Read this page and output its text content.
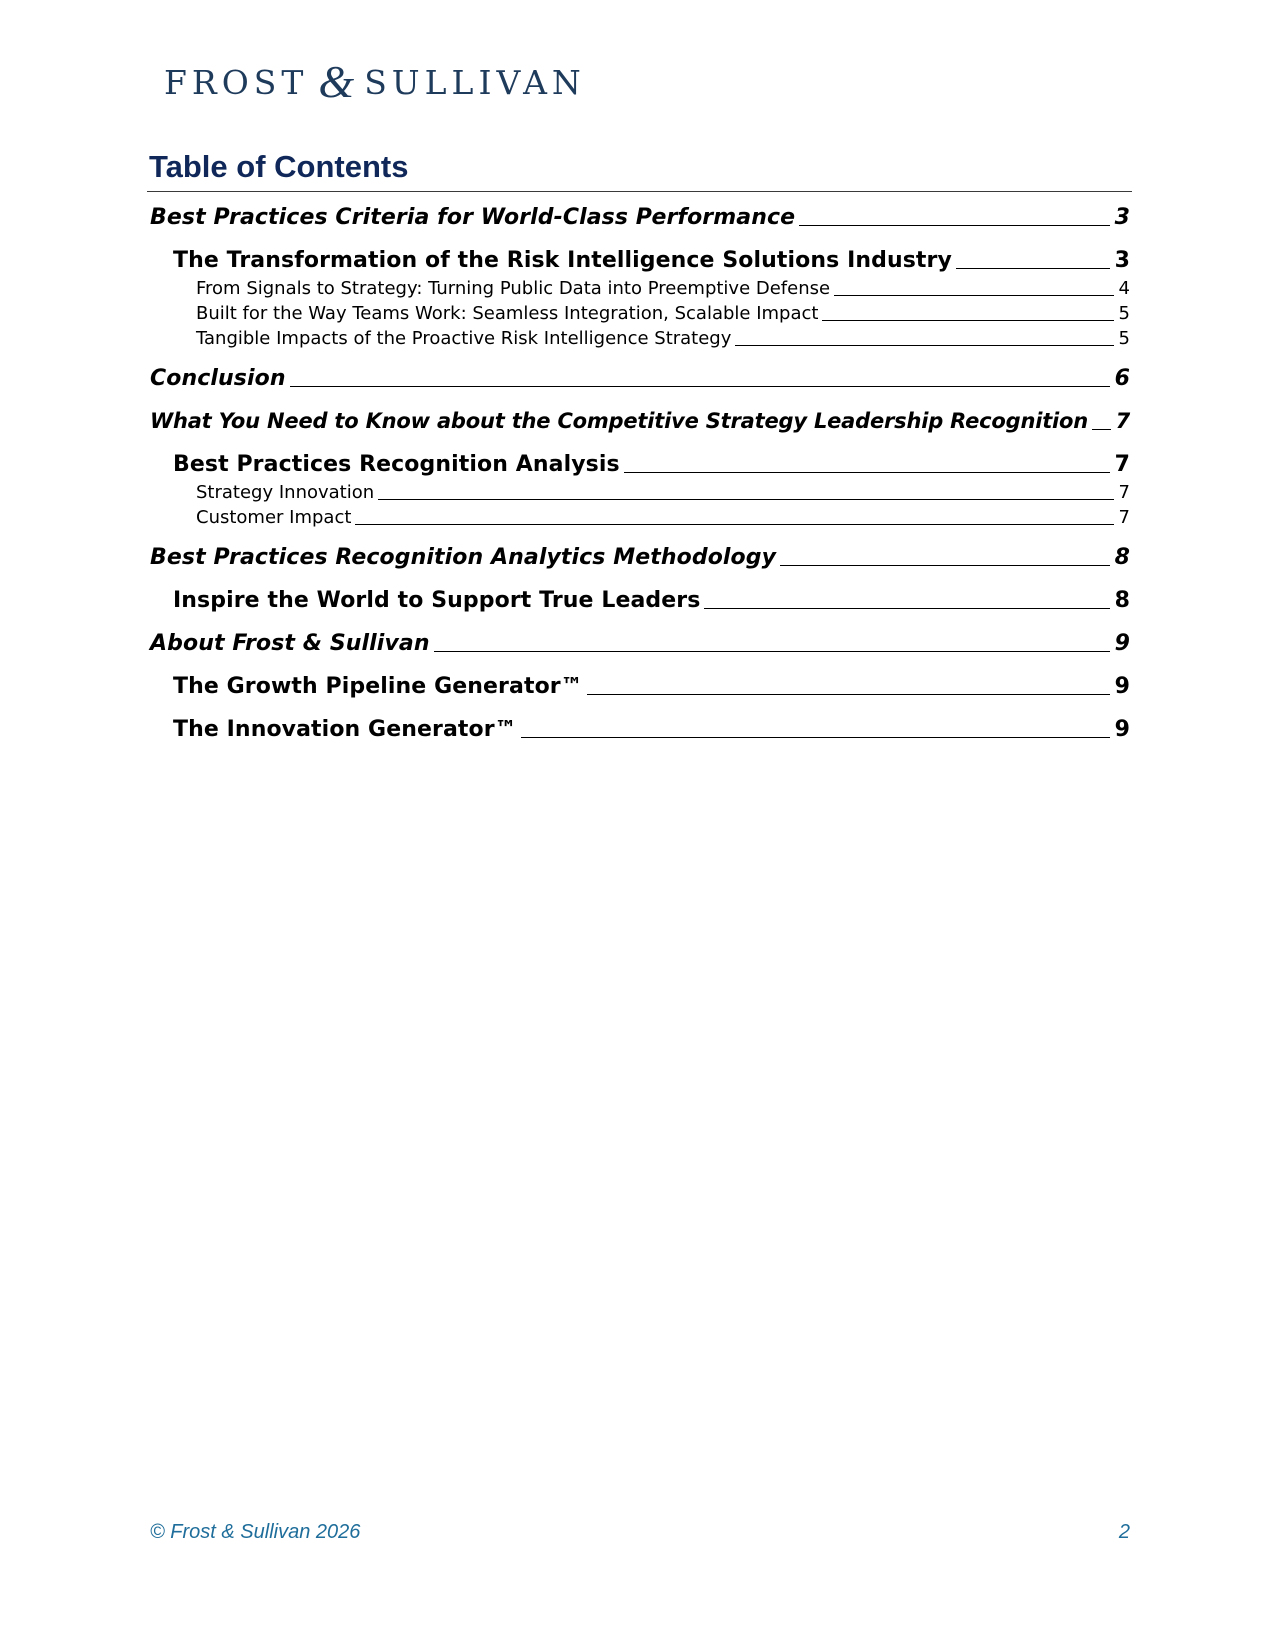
FROST & SULLIVAN
Table of Contents
Best Practices Criteria for World-Class Performance	3
The Transformation of the Risk Intelligence Solutions Industry	3
From Signals to Strategy: Turning Public Data into Preemptive Defense	4
Built for the Way Teams Work: Seamless Integration, Scalable Impact	5
Tangible Impacts of the Proactive Risk Intelligence Strategy	5
Conclusion	6
What You Need to Know about the Competitive Strategy Leadership Recognition 7
Best Practices Recognition Analysis	7
Strategy Innovation	7
Customer Impact	7
Best Practices Recognition Analytics Methodology	8
Inspire the World to Support True Leaders	8
About Frost & Sullivan	9
The Growth Pipeline Generator™	9
The Innovation Generator™	9
© Frost & Sullivan 2026	2
